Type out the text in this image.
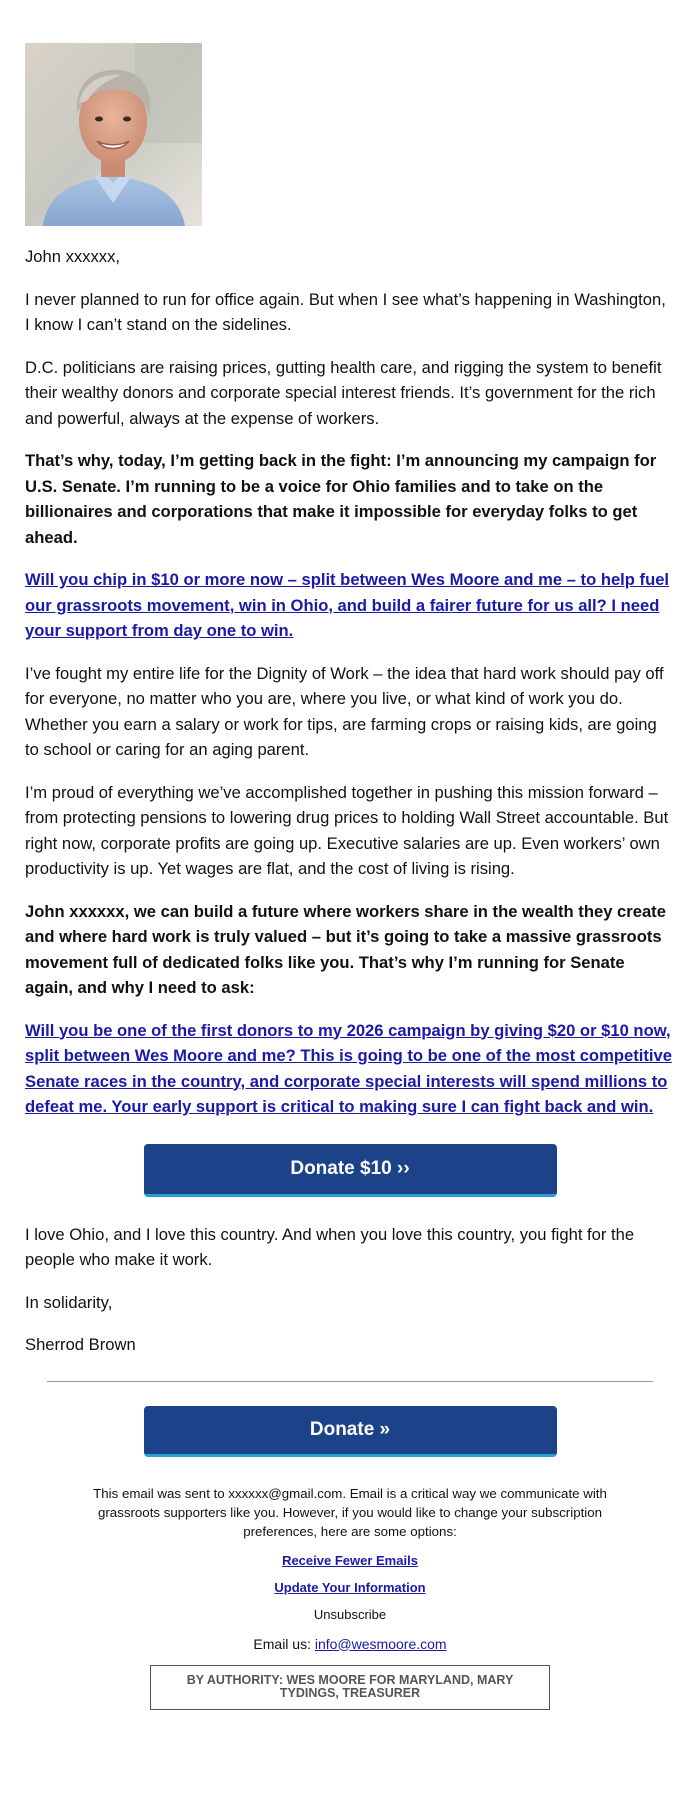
John xxxxxx,

I never planned to run for office again. But when I see what’s happening in Washington, I know I can’t stand on the sidelines.

D.C. politicians are raising prices, gutting health care, and rigging the system to benefit their wealthy donors and corporate special interest friends. It’s government for the rich and powerful, always at the expense of workers.

That’s why, today, I’m getting back in the fight: I’m announcing my campaign for U.S. Senate. I’m running to be a voice for Ohio families and to take on the billionaires and corporations that make it impossible for everyday folks to get ahead.

Will you chip in $10 or more now – split between Wes Moore and me – to help fuel our grassroots movement, win in Ohio, and build a fairer future for us all? I need your support from day one to win.

I’ve fought my entire life for the Dignity of Work – the idea that hard work should pay off for everyone, no matter who you are, where you live, or what kind of work you do. Whether you earn a salary or work for tips, are farming crops or raising kids, are going to school or caring for an aging parent.

I’m proud of everything we’ve accomplished together in pushing this mission forward – from protecting pensions to lowering drug prices to holding Wall Street accountable. But right now, corporate profits are going up. Executive salaries are up. Even workers’ own productivity is up. Yet wages are flat, and the cost of living is rising.

John xxxxxx, we can build a future where workers share in the wealth they create and where hard work is truly valued – but it’s going to take a massive grassroots movement full of dedicated folks like you. That’s why I’m running for Senate again, and why I need to ask:

Will you be one of the first donors to my 2026 campaign by giving $20 or $10 now, split between Wes Moore and me? This is going to be one of the most competitive Senate races in the country, and corporate special interests will spend millions to defeat me. Your early support is critical to making sure I can fight back and win.

Donate $10 ››

I love Ohio, and I love this country. And when you love this country, you fight for the people who make it work.

In solidarity,

Sherrod Brown

Donate »

This email was sent to xxxxxx@gmail.com. Email is a critical way we communicate with grassroots supporters like you. However, if you would like to change your subscription preferences, here are some options:

Receive Fewer Emails
Update Your Information
Unsubscribe
Email us: info@wesmoore.com
BY AUTHORITY: WES MOORE FOR MARYLAND, MARY TYDINGS, TREASURER
